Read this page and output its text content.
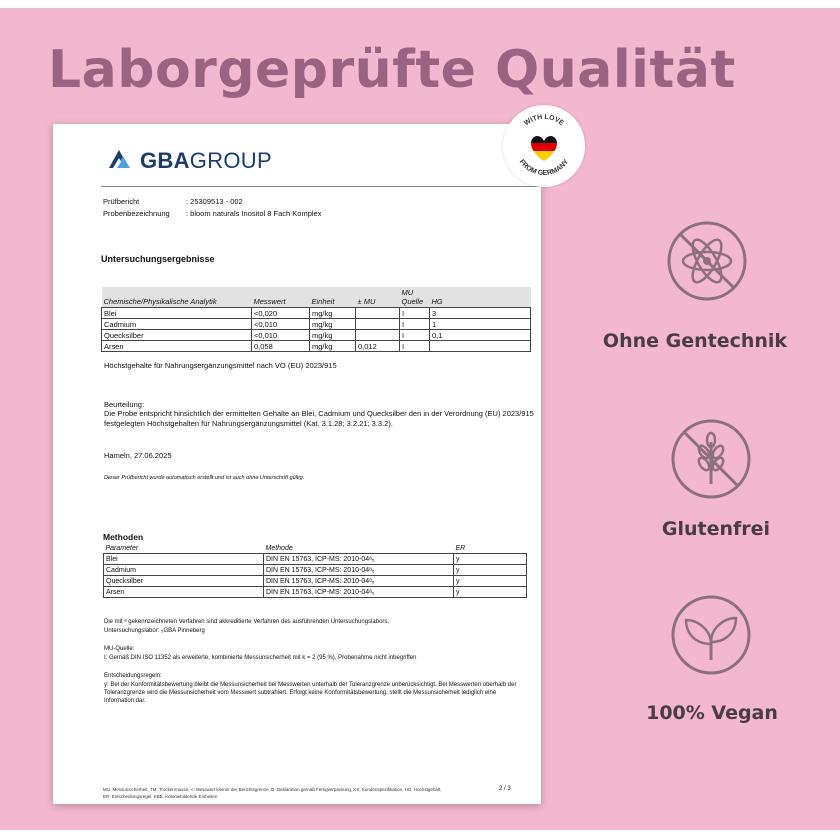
Laborgeprüfte Qualität
GBAGROUP
Prüfbericht	: 25309513 - 002
Probenbezeichnung : bloom naturals Inositol 8 Fach Komplex
Untersuchungsergebnisse
Chemische/Physikalische Analytik	Messwert	Einheit	± MU	MU Quelle	HG
Blei	<0,020	mg/kg		I	3
Cadmium	<0,010	mg/kg		I	1
Quecksilber	<0,010	mg/kg		I	0,1
Arsen	0,058	mg/kg	0,012	I	
Höchstgehalte für Nahrungsergänzungsmittel nach VO (EU) 2023/915
Beurteilung:
Die Probe entspricht hinsichtlich der ermittelten Gehalte an Blei, Cadmium und Quecksilber den in der Verordnung (EU) 2023/915 festgelegten Höchstgehalten für Nahrungsergänzungsmittel (Kat. 3.1.28; 3.2.21; 3.3.2).
Hameln, 27.06.2025
Dieser Prüfbericht wurde automatisch erstellt und ist auch ohne Unterschrift gültig.
Methoden
Parameter	Methode	ER
Blei	DIN EN 15763, ICP-MS: 2010-04ᵃ₅	y
Cadmium	DIN EN 15763, ICP-MS: 2010-04ᵃ₅	y
Quecksilber	DIN EN 15763, ICP-MS: 2010-04ᵃ₅	y
Arsen	DIN EN 15763, ICP-MS: 2010-04ᵃ₅	y
Die mit ᵃ gekennzeichneten Verfahren sind akkreditierte Verfahren des ausführenden Untersuchungslabors.
Untersuchungslabor: ₅GBA Pinneberg
MU-Quelle:
I: Gemäß DIN ISO 11352 als erweiterte, kombinierte Messunsicherheit mit k = 2 (95 %), Probenahme nicht inbegriffen
Entscheidungsregeln:
y: Bei der Konformitätsbewertung bleibt die Messunsicherheit bei Messwerten unterhalb der Toleranzgrenze unberücksichtigt. Bei Messwerten oberhalb der Toleranzgrenze wird die Messunsicherheit vom Messwert subtrahiert. Erfolgt keine Konformitätsbewertung, stellt die Messunsicherheit lediglich eine Information dar.
MU: Messunsicherheit, TM: Trockenmasse, <: Messwert kleiner der Berichtsgrenze, D: Deklaration gemäß Fertigverpackung, KS: Kundenspezifikation, HG: Höchstgehalt,
ER: Entscheidungsregel, KBE: Koloniebildende Einheiten
2 / 3
WITH LOVE
FROM GERMANY
Ohne Gentechnik
Glutenfrei
100% Vegan
